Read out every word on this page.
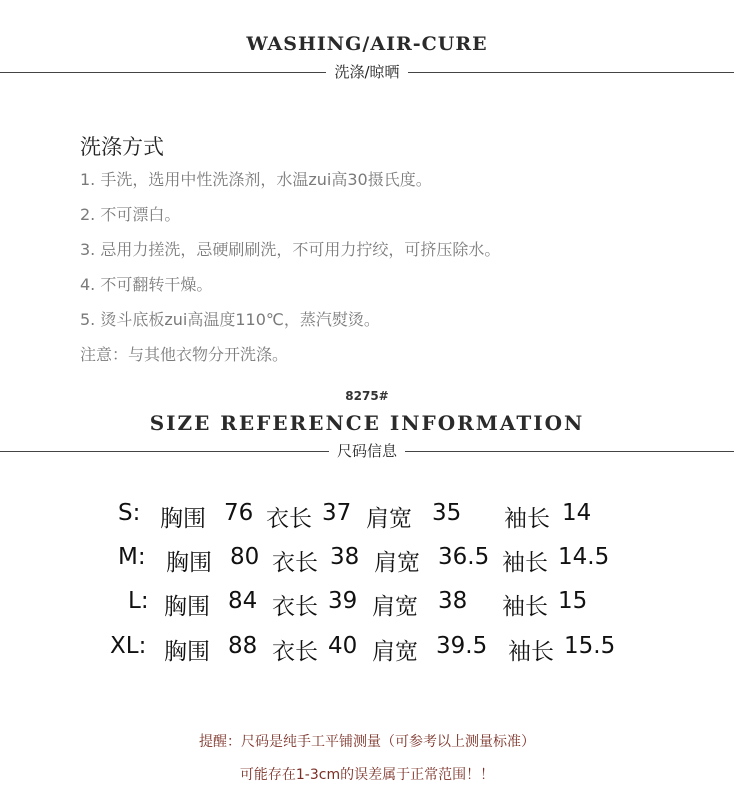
WASHING/AIR-CURE
洗涤/晾晒
洗涤方式
1. 手洗，选用中性洗涤剂，水温zui高30摄氏度。
2. 不可漂白。
3. 忌用力搓洗，忌硬刷刷洗，不可用力拧绞，可挤压除水。
4. 不可翻转干燥。
5. 烫斗底板zui高温度110℃，蒸汽熨烫。
注意：与其他衣物分开洗涤。
8275#
SIZE REFERENCE INFORMATION
尺码信息
S: 胸围 76 衣长 37 肩宽 35 袖长 14
M: 胸围 80 衣长 38 肩宽 36.5 袖长 14.5
L: 胸围 84 衣长 39 肩宽 38 袖长 15
XL: 胸围 88 衣长 40 肩宽 39.5 袖长 15.5
提醒：尺码是纯手工平铺测量（可参考以上测量标准）
可能存在1-3cm的误差属于正常范围！！
